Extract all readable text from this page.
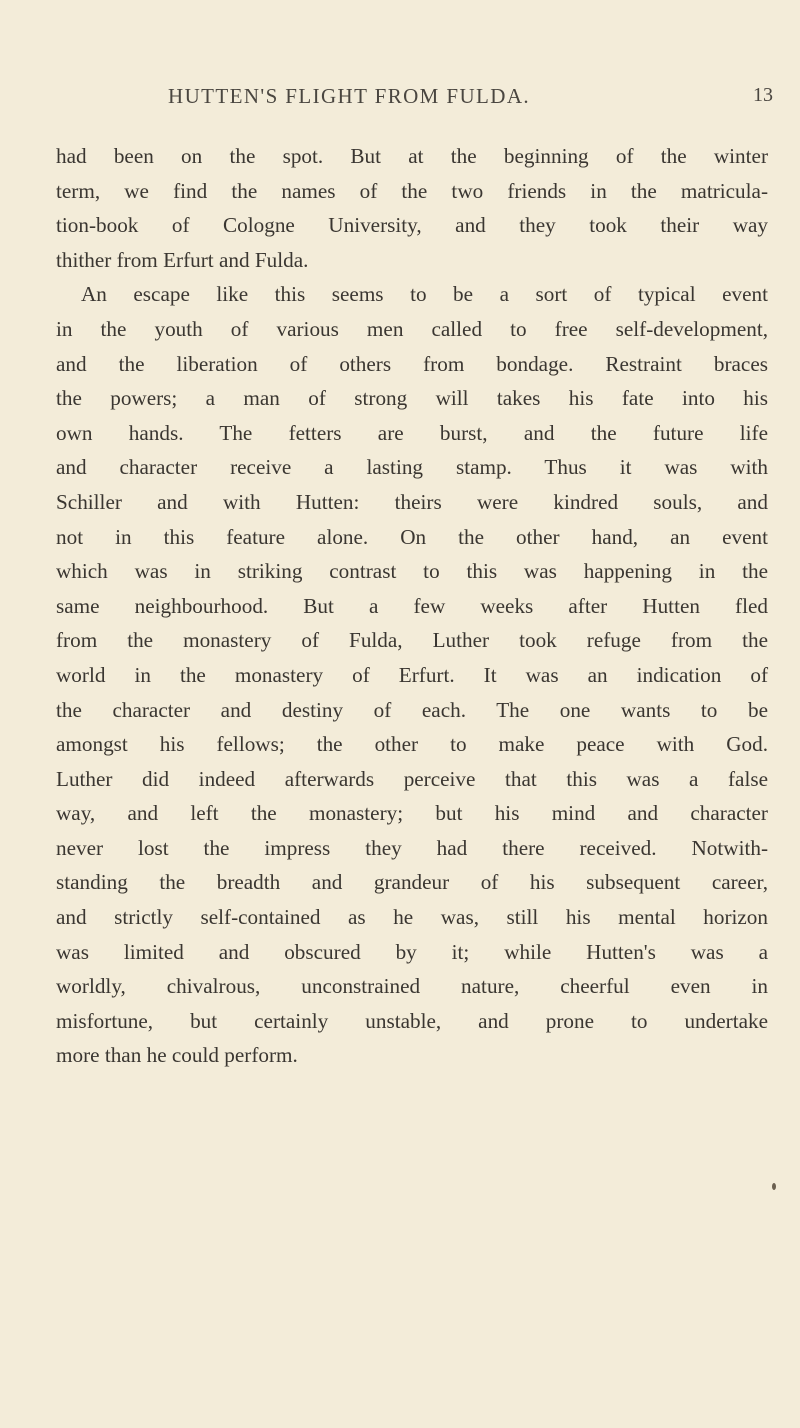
HUTTEN'S FLIGHT FROM FULDA.	13
had been on the spot. But at the beginning of the winter
term, we find the names of the two friends in the matricula-
tion-book of Cologne University, and they took their way
thither from Erfurt and Fulda.
An escape like this seems to be a sort of typical event
in the youth of various men called to free self-development,
and the liberation of others from bondage. Restraint braces
the powers; a man of strong will takes his fate into his
own hands. The fetters are burst, and the future life
and character receive a lasting stamp. Thus it was with
Schiller and with Hutten: theirs were kindred souls, and
not in this feature alone. On the other hand, an event
which was in striking contrast to this was happening in the
same neighbourhood. But a few weeks after Hutten fled
from the monastery of Fulda, Luther took refuge from the
world in the monastery of Erfurt. It was an indication of
the character and destiny of each. The one wants to be
amongst his fellows; the other to make peace with God.
Luther did indeed afterwards perceive that this was a false
way, and left the monastery; but his mind and character
never lost the impress they had there received. Notwith-
standing the breadth and grandeur of his subsequent career,
and strictly self-contained as he was, still his mental horizon
was limited and obscured by it; while Hutten's was a
worldly, chivalrous, unconstrained nature, cheerful even in
misfortune, but certainly unstable, and prone to undertake
more than he could perform.
